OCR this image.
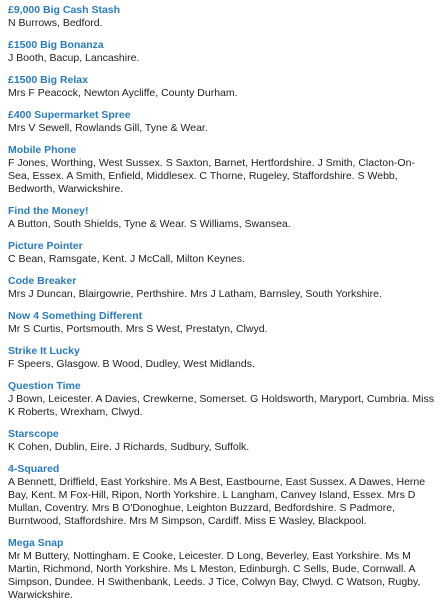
£9,000 Big Cash Stash
N Burrows, Bedford.
£1500 Big Bonanza
J Booth, Bacup, Lancashire.
£1500 Big Relax
Mrs F Peacock, Newton Aycliffe, County Durham.
£400 Supermarket Spree
Mrs V Sewell, Rowlands Gill, Tyne & Wear.
Mobile Phone
F Jones, Worthing, West Sussex. S Saxton, Barnet, Hertfordshire. J Smith, Clacton-On-Sea, Essex. A Smith, Enfield, Middlesex. C Thorne, Rugeley, Staffordshire. S Webb, Bedworth, Warwickshire.
Find the Money!
A Button, South Shields, Tyne & Wear. S Williams, Swansea.
Picture Pointer
C Bean, Ramsgate, Kent. J McCall, Milton Keynes.
Code Breaker
Mrs J Duncan, Blairgowrie, Perthshire. Mrs J Latham, Barnsley, South Yorkshire.
Now 4 Something Different
Mr S Curtis, Portsmouth. Mrs S West, Prestatyn, Clwyd.
Strike It Lucky
F Speers, Glasgow. B Wood, Dudley, West Midlands.
Question Time
J Bown, Leicester. A Davies, Crewkerne, Somerset. G Holdsworth, Maryport, Cumbria. Miss K Roberts, Wrexham, Clwyd.
Starscope
K Cohen, Dublin, Eire. J Richards, Sudbury, Suffolk.
4-Squared
A Bennett, Driffield, East Yorkshire. Ms A Best, Eastbourne, East Sussex. A Dawes, Herne Bay, Kent. M Fox-Hill, Ripon, North Yorkshire. L Langham, Canvey Island, Essex. Mrs D Mullan, Coventry. Mrs B O'Donoghue, Leighton Buzzard, Bedfordshire. S Padmore, Burntwood, Staffordshire. Mrs M Simpson, Cardiff. Miss E Wasley, Blackpool.
Mega Snap
Mr M Buttery, Nottingham. E Cooke, Leicester. D Long, Beverley, East Yorkshire. Ms M Martin, Richmond, North Yorkshire. Ms L Meston, Edinburgh. C Sells, Bude, Cornwall. A Simpson, Dundee. H Swithenbank, Leeds. J Tice, Colwyn Bay, Clwyd. C Watson, Rugby, Warwickshire.
